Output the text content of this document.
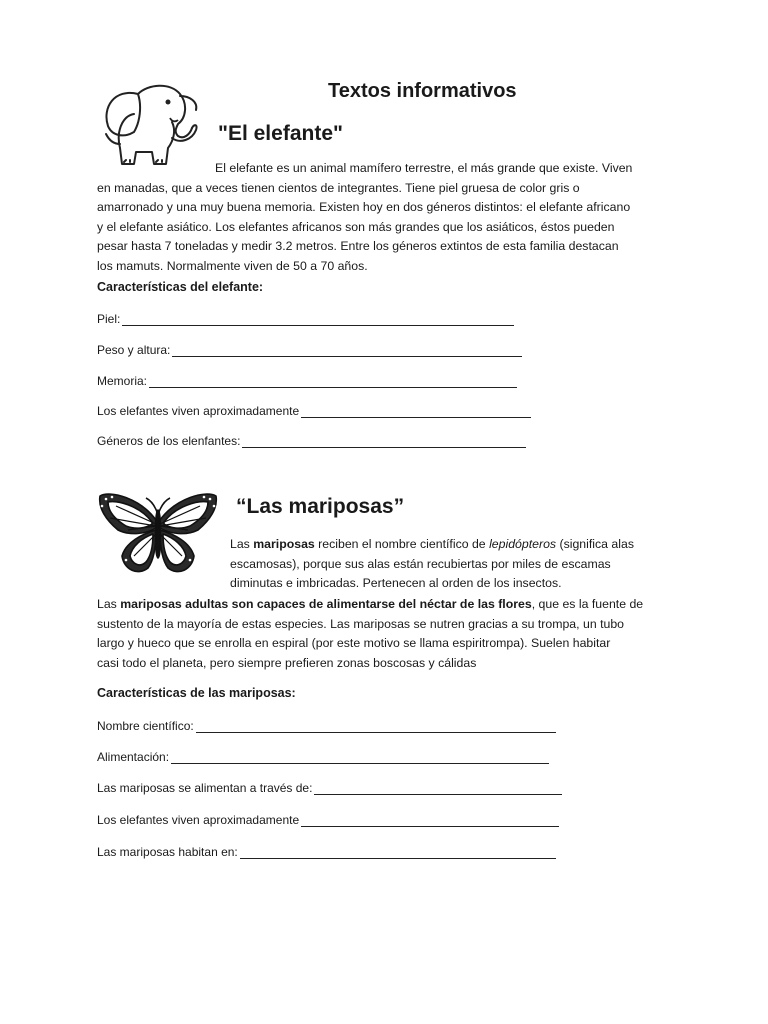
Textos informativos
"El elefante"

El elefante es un animal mamífero terrestre, el más grande que existe. Viven

en manadas, que a veces tienen cientos de integrantes. Tiene piel gruesa de color gris o

amarronado y una muy buena memoria. Existen hoy en dos géneros distintos: el elefante africano

y el elefante asiático. Los elefantes africanos son más grandes que los asiáticos, éstos pueden

pesar hasta 7 toneladas y medir 3.2 metros. Entre los géneros extintos de esta familia destacan

los mamuts. Normalmente viven de 50 a 70 años.

Características del elefante:
Piel:
Peso y altura:
Memoria:
Los elefantes viven aproximadamente
Géneros de los elenfantes:
“Las mariposas”

Las mariposas reciben el nombre científico de lepidópteros (significa alas

escamosas), porque sus alas están recubiertas por miles de escamas

diminutas e imbricadas. Pertenecen al orden de los insectos.

Las mariposas adultas son capaces de alimentarse del néctar de las flores, que es la fuente de

sustento de la mayoría de estas especies. Las mariposas se nutren gracias a su trompa, un tubo

largo y hueco que se enrolla en espiral (por este motivo se llama espiritrompa). Suelen habitar

casi todo el planeta, pero siempre prefieren zonas boscosas y cálidas

Características de las mariposas:
Nombre científico:
Alimentación:
Las mariposas se alimentan a través de:
Los elefantes viven aproximadamente
Las mariposas habitan en:
